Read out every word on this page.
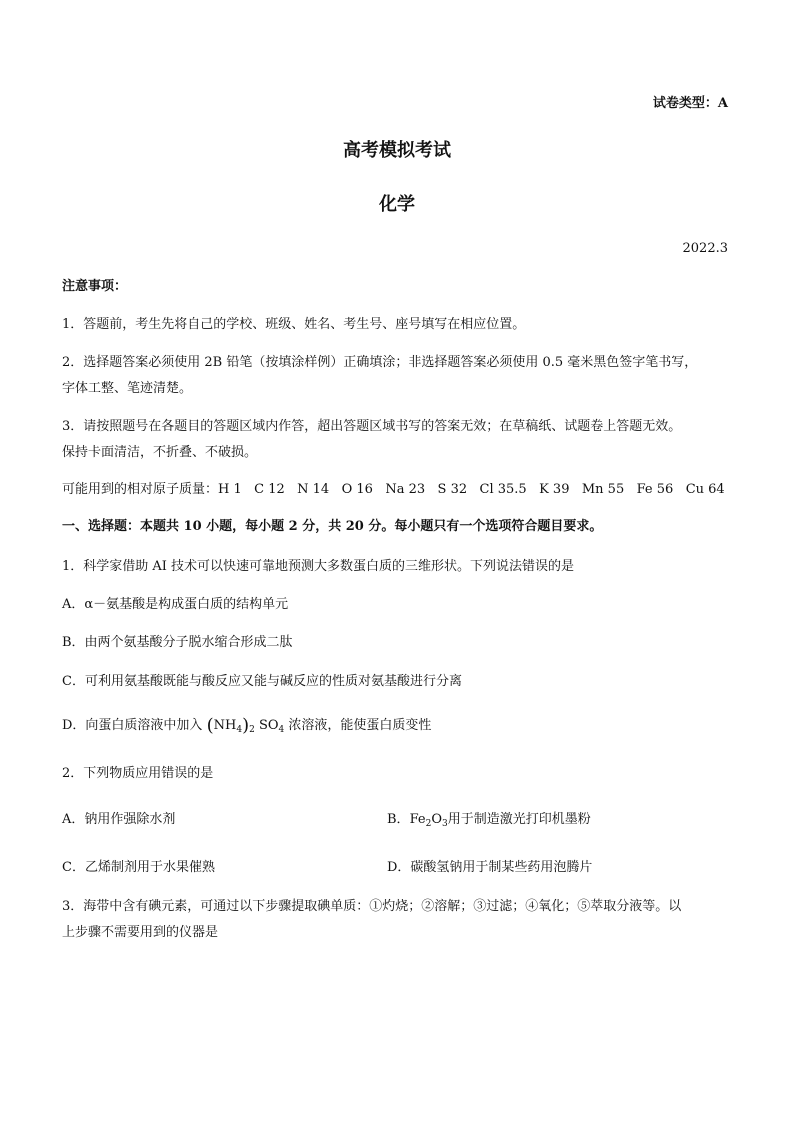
试卷类型：A
高考模拟考试
化学
2022.3
注意事项：
1．答题前，考生先将自己的学校、班级、姓名、考生号、座号填写在相应位置。
2．选择题答案必须使用 2B 铅笔（按填涂样例）正确填涂；非选择题答案必须使用 0.5 毫米黑色签字笔书写，
字体工整、笔迹清楚。
3．请按照题号在各题目的答题区域内作答，超出答题区域书写的答案无效；在草稿纸、试题卷上答题无效。
保持卡面清洁，不折叠、不破损。
可能用到的相对原子质量：H 1   C 12   N 14   O 16   Na 23   S 32   Cl 35.5   K 39   Mn 55   Fe 56   Cu 64
一、选择题：本题共 10 小题，每小题 2 分，共 20 分。每小题只有一个选项符合题目要求。
1．科学家借助 AI 技术可以快速可靠地预测大多数蛋白质的三维形状。下列说法错误的是
A．α－氨基酸是构成蛋白质的结构单元
B．由两个氨基酸分子脱水缩合形成二肽
C．可利用氨基酸既能与酸反应又能与碱反应的性质对氨基酸进行分离
D．向蛋白质溶液中加入 $(NH_4)_2$ $SO_4$ 浓溶液，能使蛋白质变性
2．下列物质应用错误的是
A．钠用作强除水剂	B．$Fe_2O_3$用于制造激光打印机墨粉
C．乙烯制剂用于水果催熟	D．碳酸氢钠用于制某些药用泡腾片
3．海带中含有碘元素，可通过以下步骤提取碘单质：①灼烧；②溶解；③过滤；④氧化；⑤萃取分液等。以
上步骤不需要用到的仪器是
